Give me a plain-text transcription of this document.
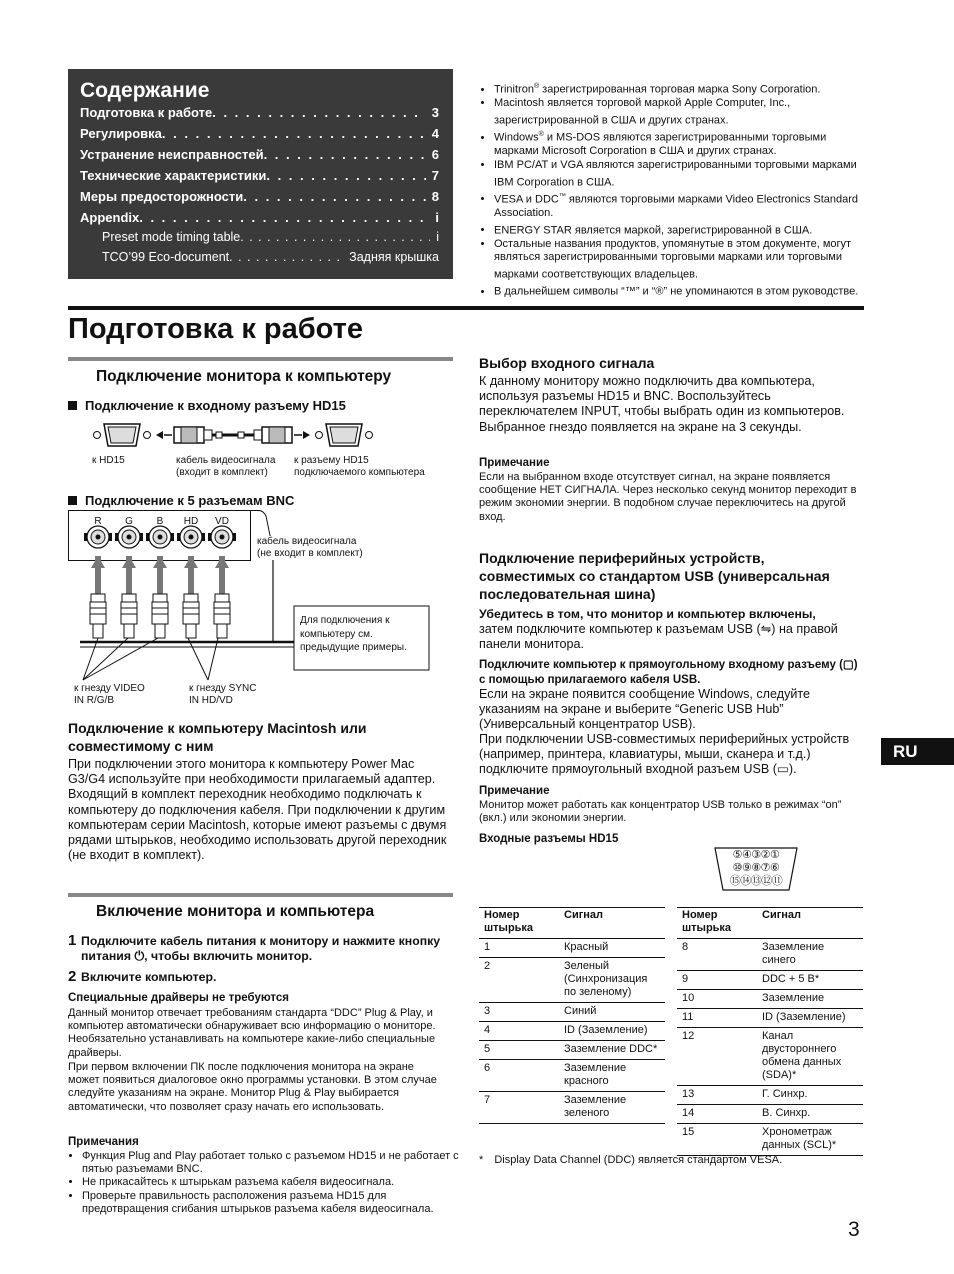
Содержание
Подготовка к работе . . .	3
Регулировка . . .	4
Устранение неисправностей . . .	6
Технические характеристики . . .	7
Меры предосторожности . . .	8
Appendix . . .	i
Preset mode timing table . . .	i
TCO’99 Eco-document . . .	Задняя крышка
• Trinitron® зарегистрированная торговая марка Sony Corporation.
• Macintosh является торговой маркой Apple Computer, Inc., зарегистрированной в США и других странах.
• Windows® и MS-DOS являются зарегистрированными торговыми марками Microsoft Corporation в США и других странах.
• IBM PC/AT и VGA являются зарегистрированными торговыми марками IBM Corporation в США.
• VESA и DDC™ являются торговыми марками Video Electronics Standard Association.
• ENERGY STAR является маркой, зарегистрированной в США.
• Остальные названия продуктов, упомянутые в этом документе, могут являться зарегистрированными торговыми марками или торговыми марками соответствующих владельцев.
• В дальнейшем символы “™” и “®” не упоминаются в этом руководстве.
Подготовка к работе
Подключение монитора к компьютеру
Подключение к входному разъему HD15
к HD15	кабель видеосигнала
(входит в комплект)
к разъему HD15
подключаемого компьютера
Подключение к 5 разъемам BNC
R	G	B	HD	VD
кабель видеосигнала
(не входит в комплект)
Для подключения к компьютеру см. предыдущие примеры.
к гнезду VIDEO
IN R/G/B
к гнезду SYNC
IN HD/VD
Подключение к компьютеру Macintosh или совместимому с ним
При подключении этого монитора к компьютеру Power Mac G3/G4 используйте при необходимости прилагаемый адаптер. Входящий в комплект переходник необходимо подключать к компьютеру до подключения кабеля. При подключении к другим компьютерам серии Macintosh, которые имеют разъемы с двумя рядами штырьков, необходимо использовать другой переходник (не входит в комплект).
Включение монитора и компьютера
1 Подключите кабель питания к монитору и нажмите кнопку питания ⏻, чтобы включить монитор.
2 Включите компьютер.
Специальные драйверы не требуются
Данный монитор отвечает требованиям стандарта “DDC” Plug & Play, и компьютер автоматически обнаруживает всю информацию о мониторе. Необязательно устанавливать на компьютере какие-либо специальные драйверы.
При первом включении ПК после подключения монитора на экране может появиться диалоговое окно программы установки. В этом случае следуйте указаниям на экране. Монитор Plug & Play выбирается автоматически, что позволяет сразу начать его использовать.
Примечания
• Функция Plug and Play работает только с разъемом HD15 и не работает с пятью разъемами BNC.
• Не прикасайтесь к штырькам разъема кабеля видеосигнала.
• Проверьте правильность расположения разъема HD15 для предотвращения сгибания штырьков разъема кабеля видеосигнала.
Выбор входного сигнала
К данному монитору можно подключить два компьютера, используя разъемы HD15 и BNC. Воспользуйтесь переключателем INPUT, чтобы выбрать один из компьютеров. Выбранное гнездо появляется на экране на 3 секунды.
Примечание
Если на выбранном входе отсутствует сигнал, на экране появляется сообщение НЕТ СИГНАЛА. Через несколько секунд монитор переходит в режим экономии энергии. В подобном случае переключитесь на другой вход.
Подключение периферийных устройств, совместимых со стандартом USB (универсальная последовательная шина)
Убедитесь в том, что монитор и компьютер включены,
затем подключите компьютер к разъемам USB (⇋) на правой панели монитора.
Подключите компьютер к прямоугольному входному разъему (▢) с помощью прилагаемого кабеля USB.
Если на экране появится сообщение Windows, следуйте указаниям на экране и выберите “Generic USB Hub” (Универсальный концентратор USB).
При подключении USB-совместимых периферийных устройств (например, принтера, клавиатуры, мыши, сканера и т.д.) подключите прямоугольный входной разъем USB (▭).
Примечание
Монитор может работать как концентратор USB только в режимах “on” (вкл.) или экономии энергии.
Входные разъемы HD15
⑤④③②①
⑩⑨⑧⑦⑥
⑮⑭⑬⑫⑪
Номер штырька	Сигнал
1	Красный
2	Зеленый (Синхронизация по зеленому)
3	Синий
4	ID (Заземление)
5	Заземление DDC*
6	Заземление красного
7	Заземление зеленого
Номер штырька	Сигнал
8	Заземление синего
9	DDC + 5 В*
10	Заземление
11	ID (Заземление)
12	Канал двустороннего обмена данных (SDA)*
13	Г. Синхр.
14	В. Синхр.
15	Хронометраж данных (SCL)*
* Display Data Channel (DDC) является стандартом VESA.
RU
3
